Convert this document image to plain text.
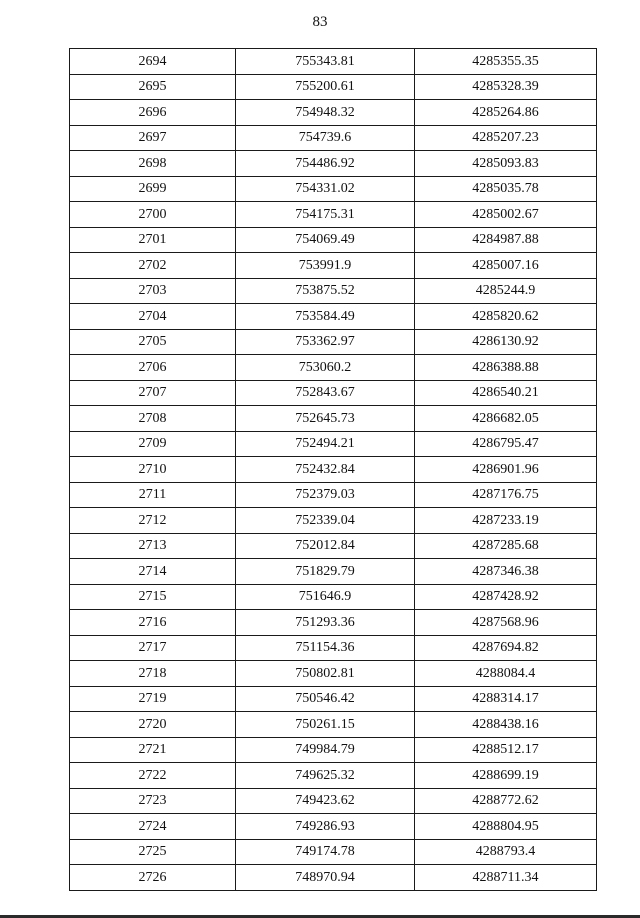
83
2694	755343.81	4285355.35
2695	755200.61	4285328.39
2696	754948.32	4285264.86
2697	754739.6	4285207.23
2698	754486.92	4285093.83
2699	754331.02	4285035.78
2700	754175.31	4285002.67
2701	754069.49	4284987.88
2702	753991.9	4285007.16
2703	753875.52	4285244.9
2704	753584.49	4285820.62
2705	753362.97	4286130.92
2706	753060.2	4286388.88
2707	752843.67	4286540.21
2708	752645.73	4286682.05
2709	752494.21	4286795.47
2710	752432.84	4286901.96
2711	752379.03	4287176.75
2712	752339.04	4287233.19
2713	752012.84	4287285.68
2714	751829.79	4287346.38
2715	751646.9	4287428.92
2716	751293.36	4287568.96
2717	751154.36	4287694.82
2718	750802.81	4288084.4
2719	750546.42	4288314.17
2720	750261.15	4288438.16
2721	749984.79	4288512.17
2722	749625.32	4288699.19
2723	749423.62	4288772.62
2724	749286.93	4288804.95
2725	749174.78	4288793.4
2726	748970.94	4288711.34
